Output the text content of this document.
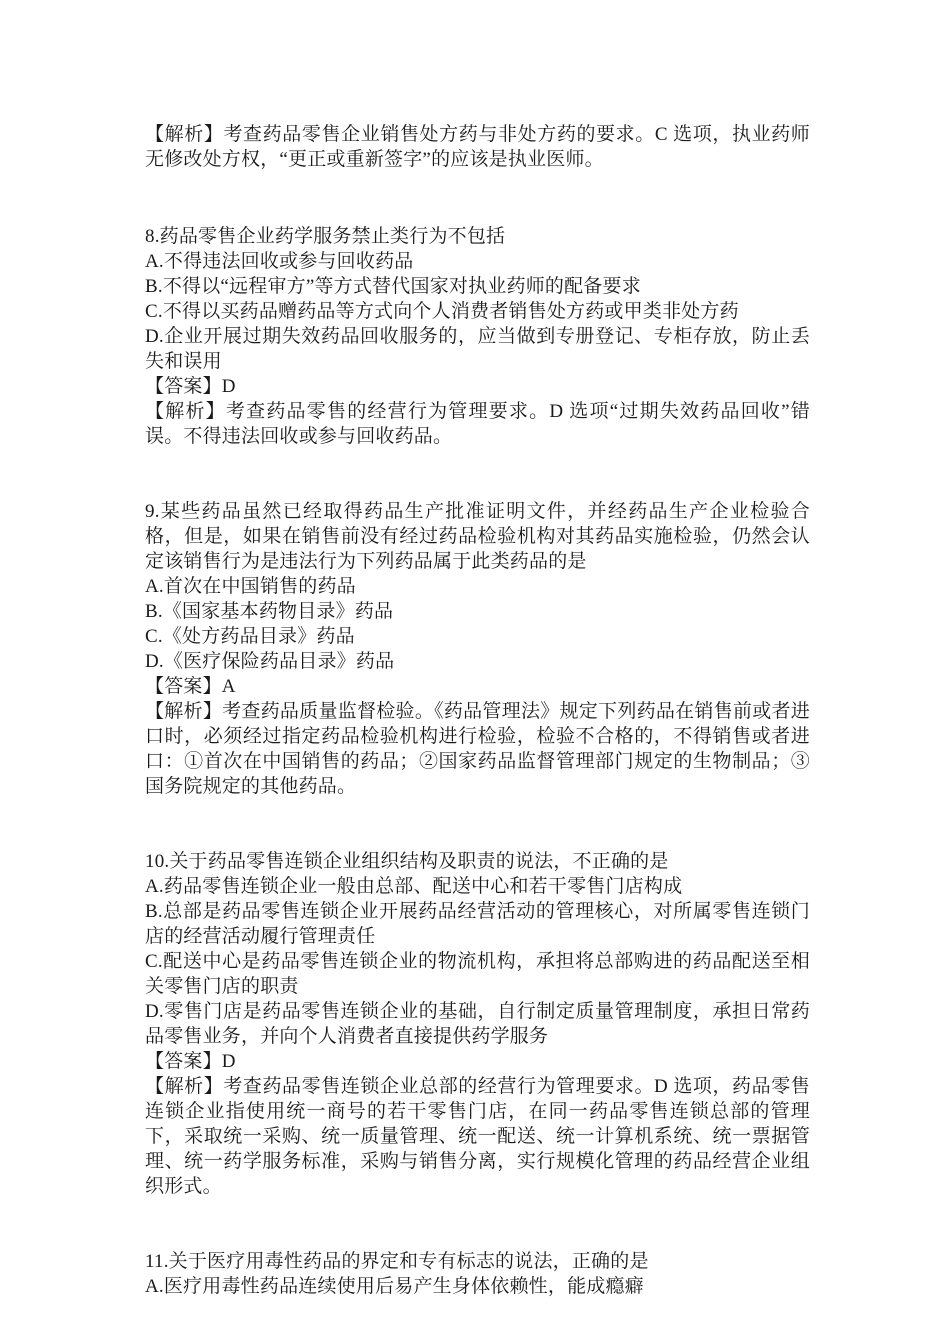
【解析】考查药品零售企业销售处方药与非处方药的要求。C 选项，执业药师无修改处方权，“更正或重新签字”的应该是执业医师。

8.药品零售企业药学服务禁止类行为不包括

A.不得违法回收或参与回收药品

B.不得以“远程审方”等方式替代国家对执业药师的配备要求

C.不得以买药品赠药品等方式向个人消费者销售处方药或甲类非处方药

D.企业开展过期失效药品回收服务的，应当做到专册登记、专柜存放，防止丢失和误用

【答案】D

【解析】考查药品零售的经营行为管理要求。D 选项“过期失效药品回收”错误。不得违法回收或参与回收药品。

9.某些药品虽然已经取得药品生产批准证明文件，并经药品生产企业检验合格，但是，如果在销售前没有经过药品检验机构对其药品实施检验，仍然会认定该销售行为是违法行为下列药品属于此类药品的是

A.首次在中国销售的药品

B.《国家基本药物目录》药品

C.《处方药品目录》药品

D.《医疗保险药品目录》药品

【答案】A

【解析】考查药品质量监督检验。《药品管理法》规定下列药品在销售前或者进口时，必须经过指定药品检验机构进行检验，检验不合格的，不得销售或者进口：①首次在中国销售的药品；②国家药品监督管理部门规定的生物制品；③国务院规定的其他药品。

10.关于药品零售连锁企业组织结构及职责的说法，不正确的是

A.药品零售连锁企业一般由总部、配送中心和若干零售门店构成

B.总部是药品零售连锁企业开展药品经营活动的管理核心，对所属零售连锁门店的经营活动履行管理责任

C.配送中心是药品零售连锁企业的物流机构，承担将总部购进的药品配送至相关零售门店的职责

D.零售门店是药品零售连锁企业的基础，自行制定质量管理制度，承担日常药品零售业务，并向个人消费者直接提供药学服务

【答案】D

【解析】考查药品零售连锁企业总部的经营行为管理要求。D 选项，药品零售连锁企业指使用统一商号的若干零售门店，在同一药品零售连锁总部的管理下，采取统一采购、统一质量管理、统一配送、统一计算机系统、统一票据管理、统一药学服务标准，采购与销售分离，实行规模化管理的药品经营企业组织形式。

11.关于医疗用毒性药品的界定和专有标志的说法，正确的是

A.医疗用毒性药品连续使用后易产生身体依赖性，能成瘾癖
